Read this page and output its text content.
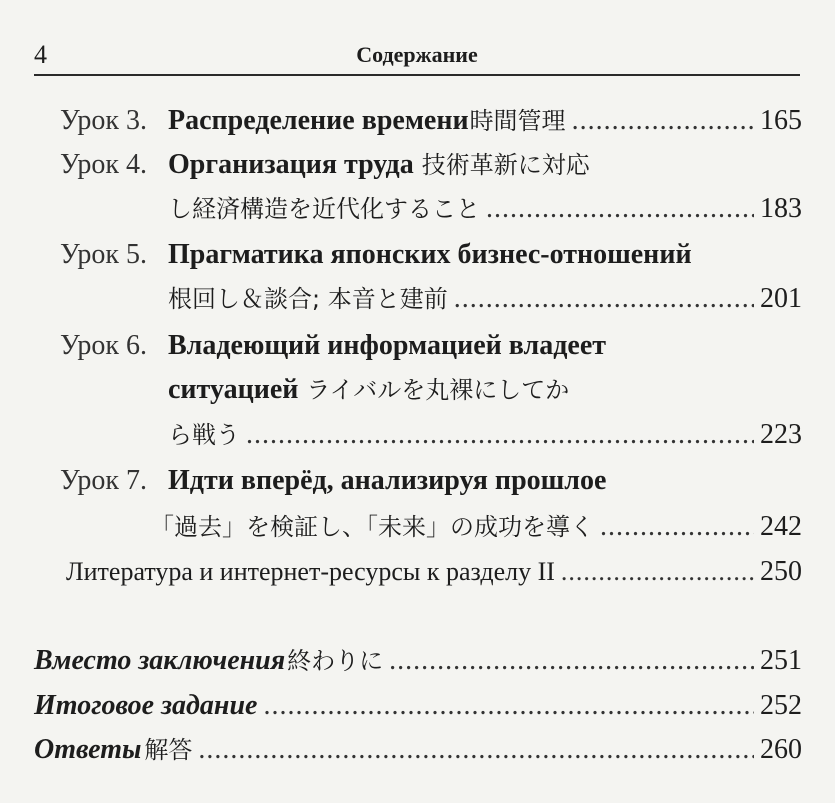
4	Содержание
Урок 3. Распределение времени 時間管理 .....	165
Урок 4. Организация труда 技術革新に対応
し経済構造を近代化すること .....	183
Урок 5. Прагматика японских бизнес-отношений
根回し＆談合; 本音と建前 .....	201
Урок 6. Владеющий информацией владеет
ситуацией ライバルを丸裸にしてか
ら戦う .....	223
Урок 7. Идти вперёд, анализируя прошлое
「過去」を検証し、「未来」の成功を導く .....	242
Литература и интернет-ресурсы к разделу II .....	250
Вместо заключения 終わりに .....	251
Итоговое задание .....	252
Ответы 解答 .....	260
